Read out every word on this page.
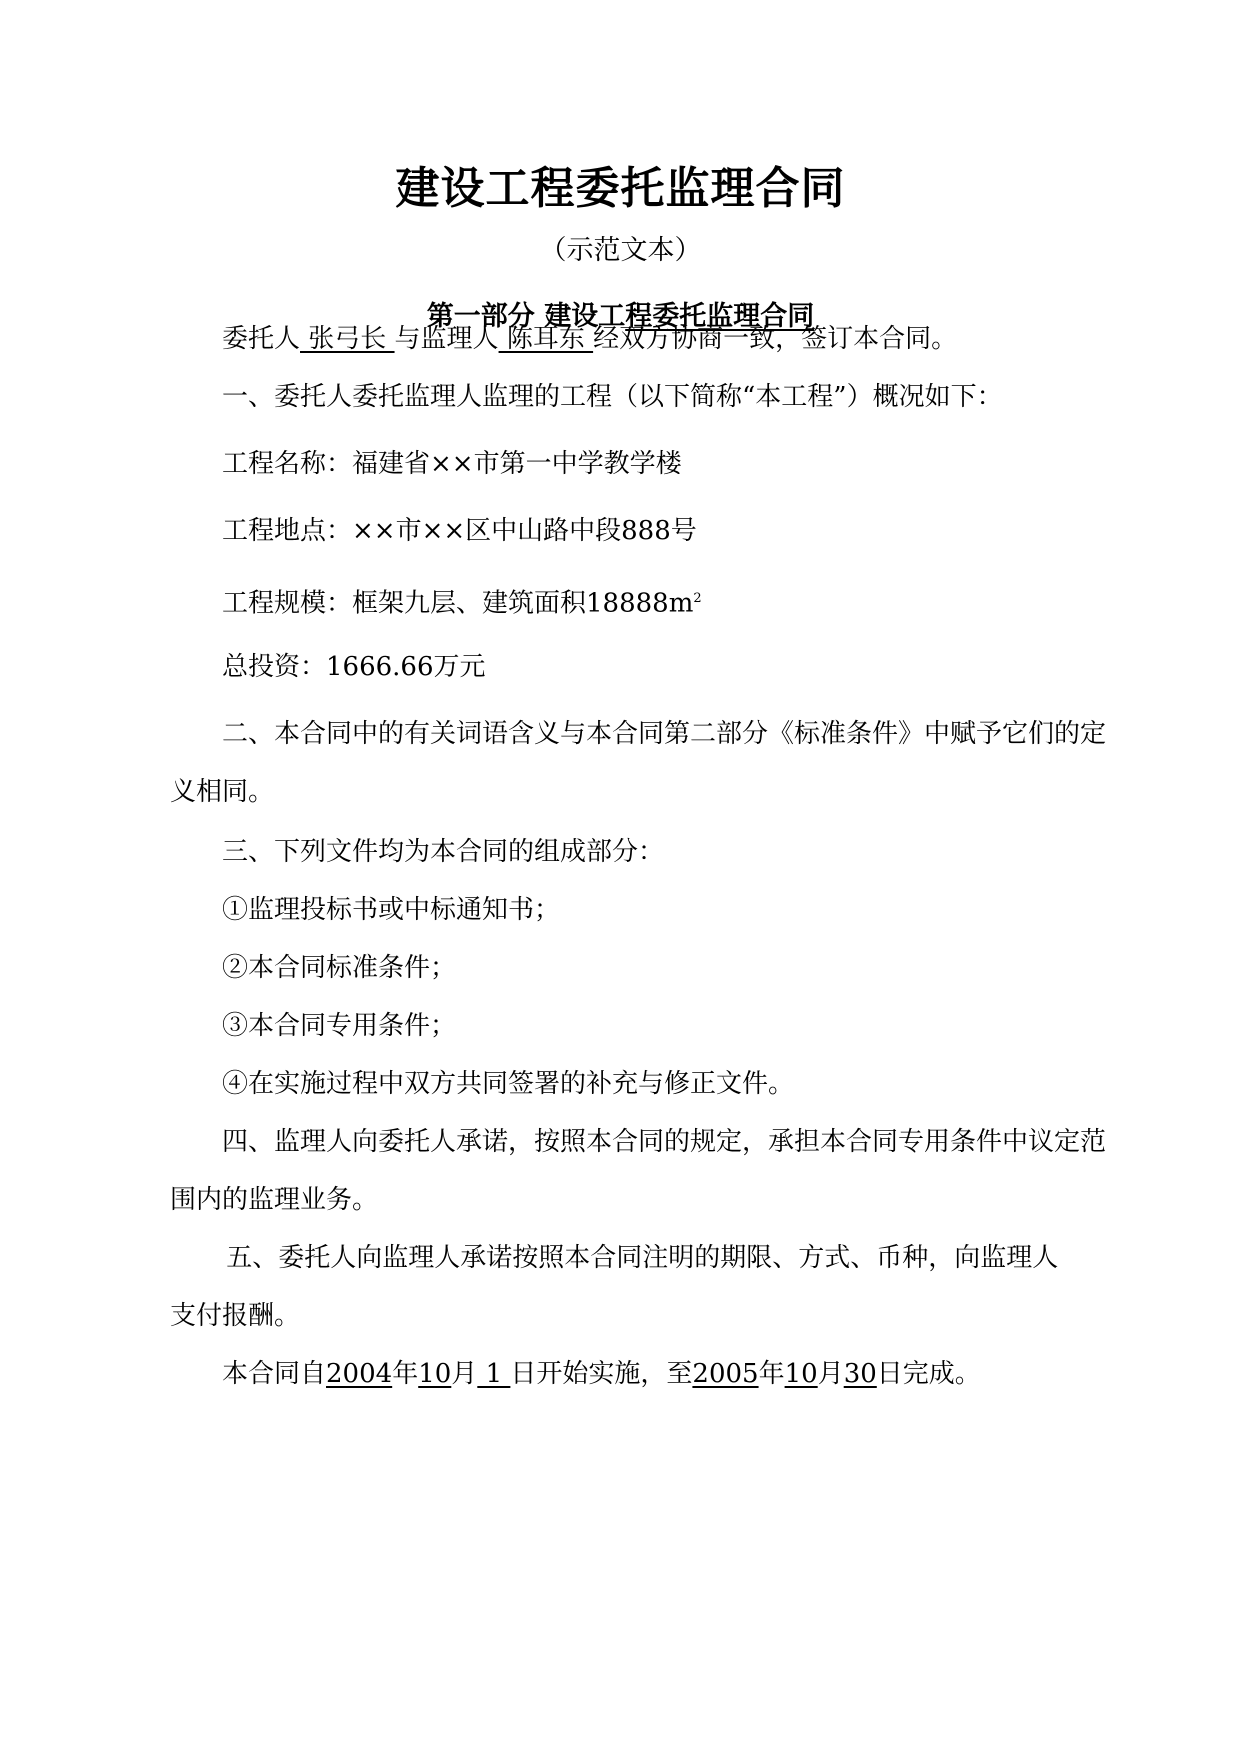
建设工程委托监理合同

（示范文本）

第一部分 建设工程委托监理合同

委托人 张弓长 与监理人 陈耳东 经双方协商一致，签订本合同。

一、委托人委托监理人监理的工程（以下简称“本工程”）概况如下：

工程名称：福建省××市第一中学教学楼

工程地点：××市××区中山路中段888号

工程规模：框架九层、建筑面积$18888m^2$

总投资：1666.66万元

二、本合同中的有关词语含义与本合同第二部分《标准条件》中赋予它们的定

义相同。

三、下列文件均为本合同的组成部分：

①监理投标书或中标通知书；

②本合同标准条件；

③本合同专用条件；

④在实施过程中双方共同签署的补充与修正文件。

四、监理人向委托人承诺，按照本合同的规定，承担本合同专用条件中议定范

围内的监理业务。

五、委托人向监理人承诺按照本合同注明的期限、方式、币种，向监理人

支付报酬。

本合同自2004年10月 1 日开始实施，至2005年10月30日完成。
